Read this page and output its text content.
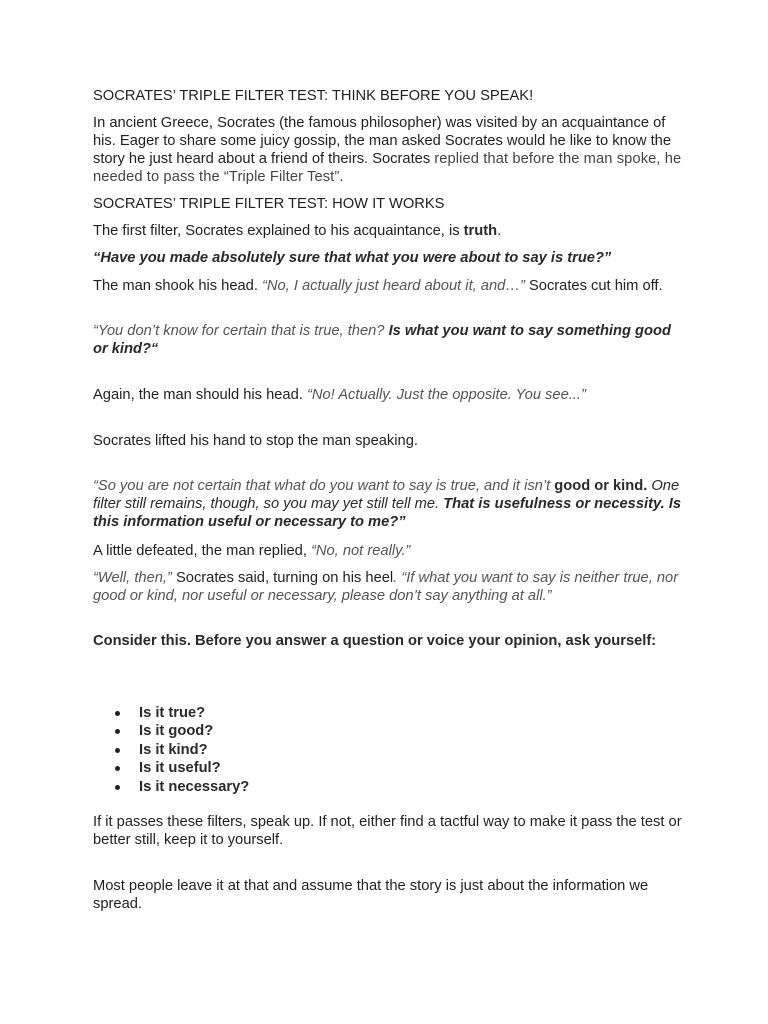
SOCRATES’ TRIPLE FILTER TEST: THINK BEFORE YOU SPEAK!

In ancient Greece, Socrates (the famous philosopher) was visited by an acquaintance of his. Eager to share some juicy gossip, the man asked Socrates would he like to know the story he just heard about a friend of theirs. Socrates replied that before the man spoke, he needed to pass the “Triple Filter Test”.

SOCRATES’ TRIPLE FILTER TEST: HOW IT WORKS

The first filter, Socrates explained to his acquaintance, is truth.

“Have you made absolutely sure that what you were about to say is true?”

The man shook his head. “No, I actually just heard about it, and…” Socrates cut him off.

“You don’t know for certain that is true, then? Is what you want to say something good or kind?“

Again, the man should his head. “No! Actually. Just the opposite. You see...”

Socrates lifted his hand to stop the man speaking.

“So you are not certain that what do you want to say is true, and it isn’t good or kind. One filter still remains, though, so you may yet still tell me. That is usefulness or necessity. Is this information useful or necessary to me?”

A little defeated, the man replied, “No, not really.”

“Well, then,” Socrates said, turning on his heel. “If what you want to say is neither true, nor good or kind, nor useful or necessary, please don’t say anything at all.”

Consider this. Before you answer a question or voice your opinion, ask yourself:

Is it true?
Is it good?
Is it kind?
Is it useful?
Is it necessary?

If it passes these filters, speak up. If not, either find a tactful way to make it pass the test or better still, keep it to yourself.

Most people leave it at that and assume that the story is just about the information we spread.
